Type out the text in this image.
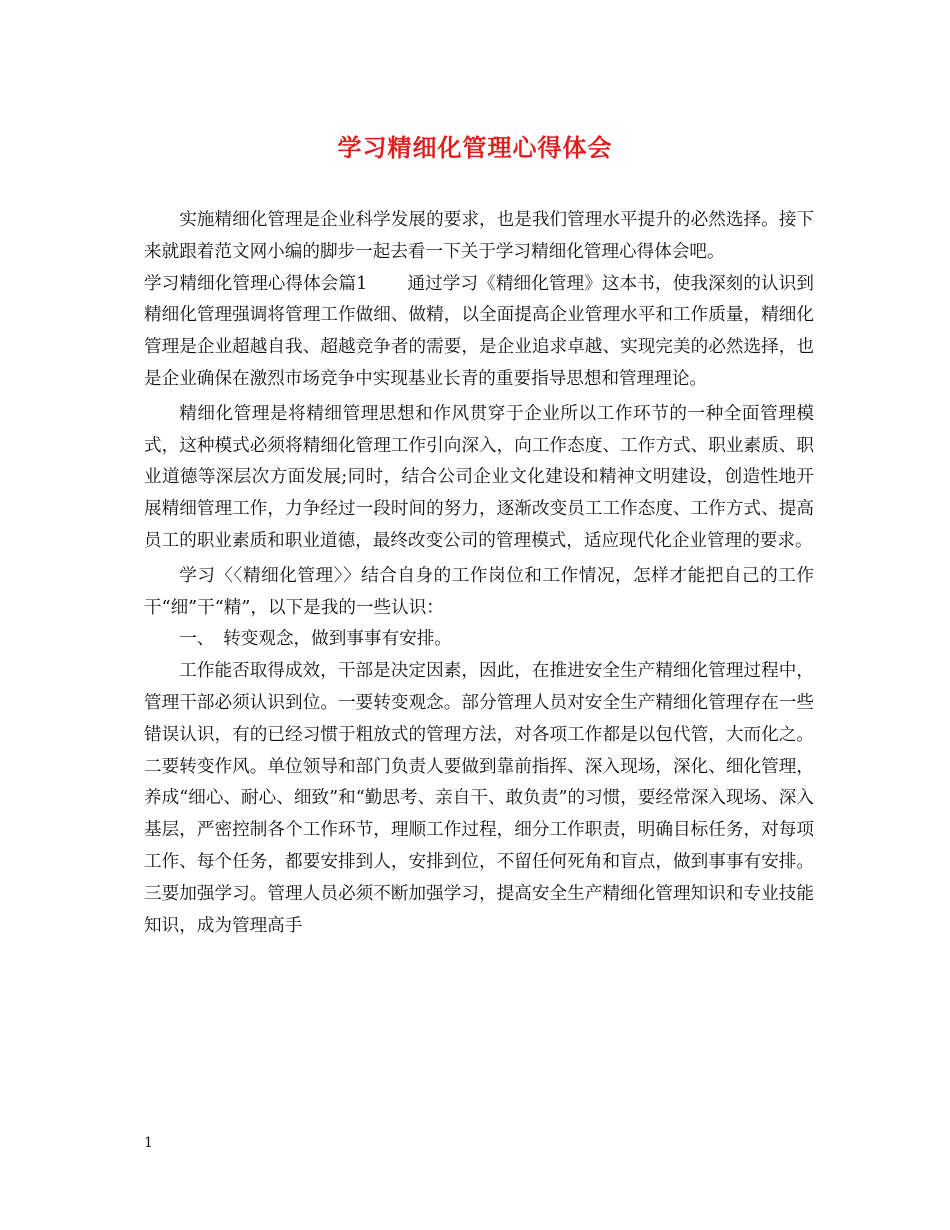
学习精细化管理心得体会

实施精细化管理是企业科学发展的要求，也是我们管理水平提升的必然选择。接下来就跟着范文网小编的脚步一起去看一下关于学习精细化管理心得体会吧。

学习精细化管理心得体会篇1 通过学习《精细化管理》这本书，使我深刻的认识到精细化管理强调将管理工作做细、做精，以全面提高企业管理水平和工作质量，精细化管理是企业超越自我、超越竞争者的需要，是企业追求卓越、实现完美的必然选择，也是企业确保在激烈市场竞争中实现基业长青的重要指导思想和管理理论。

精细化管理是将精细管理思想和作风贯穿于企业所以工作环节的一种全面管理模式，这种模式必须将精细化管理工作引向深入，向工作态度、工作方式、职业素质、职业道德等深层次方面发展;同时，结合公司企业文化建设和精神文明建设，创造性地开展精细管理工作，力争经过一段时间的努力，逐渐改变员工工作态度、工作方式、提高员工的职业素质和职业道德，最终改变公司的管理模式，适应现代化企业管理的要求。

学习〈〈精细化管理〉〉结合自身的工作岗位和工作情况，怎样才能把自己的工作干“细”干“精”，以下是我的一些认识：

一、　转变观念，做到事事有安排。

工作能否取得成效，干部是决定因素，因此，在推进安全生产精细化管理过程中，管理干部必须认识到位。一要转变观念。部分管理人员对安全生产精细化管理存在一些错误认识，有的已经习惯于粗放式的管理方法，对各项工作都是以包代管，大而化之。二要转变作风。单位领导和部门负责人要做到靠前指挥、深入现场，深化、细化管理，养成“细心、耐心、细致”和“勤思考、亲自干、敢负责”的习惯，要经常深入现场、深入基层，严密控制各个工作环节，理顺工作过程，细分工作职责，明确目标任务，对每项工作、每个任务，都要安排到人，安排到位，不留任何死角和盲点，做到事事有安排。三要加强学习。管理人员必须不断加强学习，提高安全生产精细化管理知识和专业技能知识，成为管理高手

1
